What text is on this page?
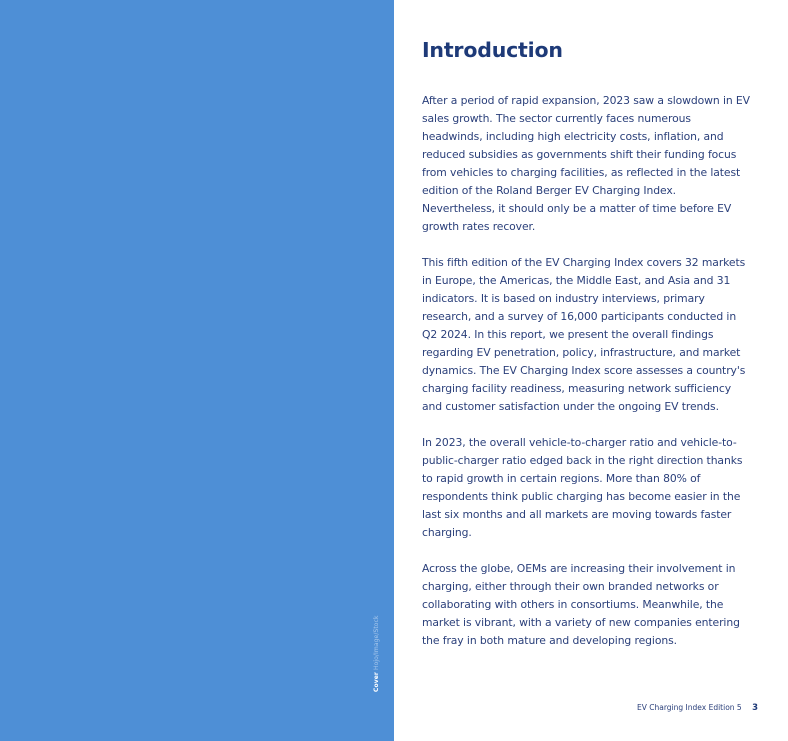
Cover Hojo/Image/Stock
Introduction

After a period of rapid expansion, 2023 saw a slowdown in EV sales growth. The sector currently faces numerous headwinds, including high electricity costs, inflation, and reduced subsidies as governments shift their funding focus from vehicles to charging facilities, as reflected in the latest edition of the Roland Berger EV Charging Index. Nevertheless, it should only be a matter of time before EV growth rates recover.

This fifth edition of the EV Charging Index covers 32 markets in Europe, the Americas, the Middle East, and Asia and 31 indicators. It is based on industry interviews, primary research, and a survey of 16,000 participants conducted in Q2 2024. In this report, we present the overall findings regarding EV penetration, policy, infrastructure, and market dynamics. The EV Charging Index score assesses a country's charging facility readiness, measuring network sufficiency and customer satisfaction under the ongoing EV trends.

In 2023, the overall vehicle-to-charger ratio and vehicle-to-public-charger ratio edged back in the right direction thanks to rapid growth in certain regions. More than 80% of respondents think public charging has become easier in the last six months and all markets are moving towards faster charging.

Across the globe, OEMs are increasing their involvement in charging, either through their own branded networks or collaborating with others in consortiums. Meanwhile, the market is vibrant, with a variety of new companies entering the fray in both mature and developing regions.

EV Charging Index Edition 5 3
